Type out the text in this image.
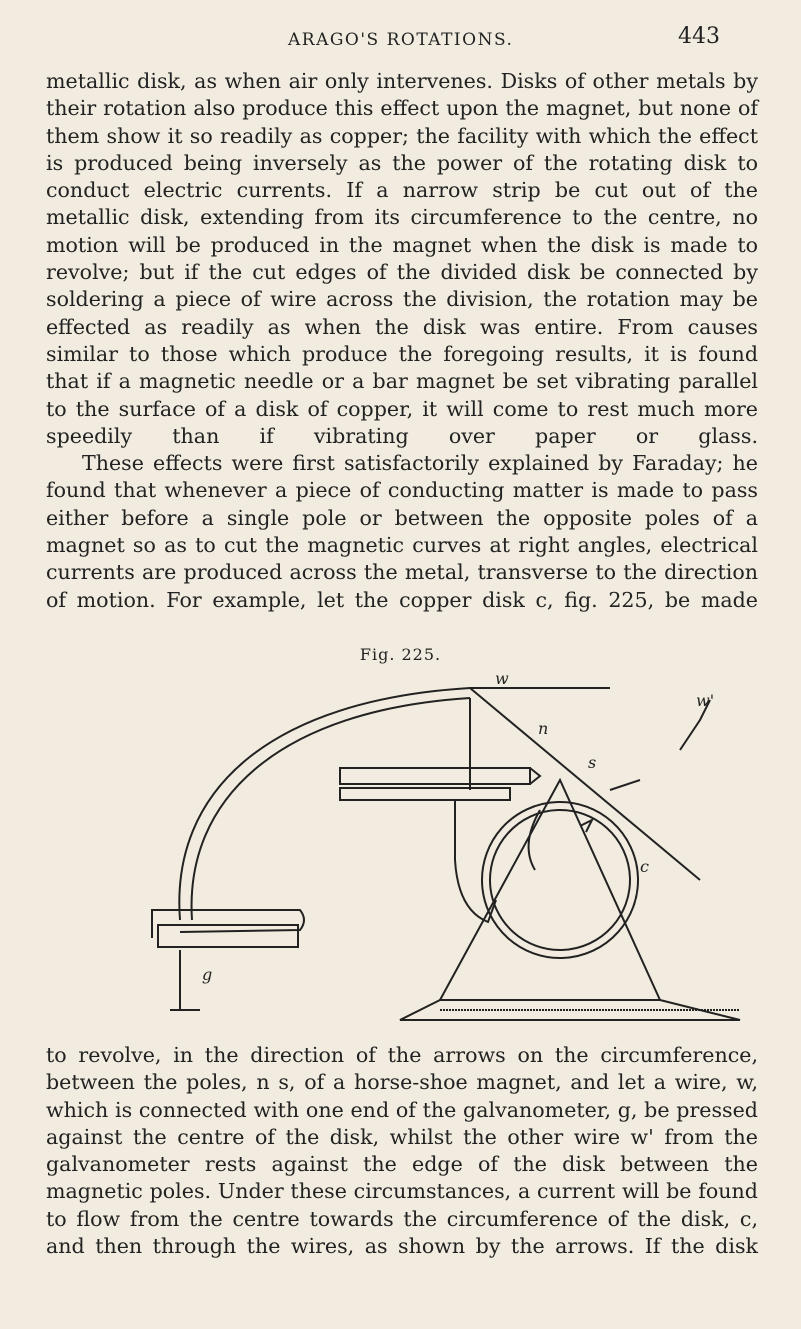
ARAGO'S ROTATIONS.	443

metallic disk, as when air only intervenes. Disks of other metals by their rotation also produce this effect upon the magnet, but none of them show it so readily as copper; the facility with which the effect is produced being inversely as the power of the rotating disk to conduct electric currents. If a narrow strip be cut out of the metallic disk, extending from its circumference to the centre, no motion will be produced in the magnet when the disk is made to revolve; but if the cut edges of the divided disk be connected by soldering a piece of wire across the division, the rotation may be effected as readily as when the disk was entire. From causes similar to those which produce the foregoing results, it is found that if a magnetic needle or a bar magnet be set vibrating parallel to the surface of a disk of copper, it will come to rest much more speedily than if vibrating over paper or glass.

These effects were first satisfactorily explained by Faraday; he found that whenever a piece of conducting matter is made to pass either before a single pole or between the opposite poles of a magnet so as to cut the magnetic curves at right angles, electrical currents are produced across the metal, transverse to the direction of motion. For example, let the copper disk c, fig. 225, be made

Fig. 225.
w
w'
n
s
c
g

to revolve, in the direction of the arrows on the circumference, between the poles, n s, of a horse-shoe magnet, and let a wire, w, which is connected with one end of the galvanometer, g, be pressed against the centre of the disk, whilst the other wire w' from the galvanometer rests against the edge of the disk between the magnetic poles. Under these circumstances, a current will be found to flow from the centre towards the circumference of the disk, c, and then through the wires, as shown by the arrows. If the disk
